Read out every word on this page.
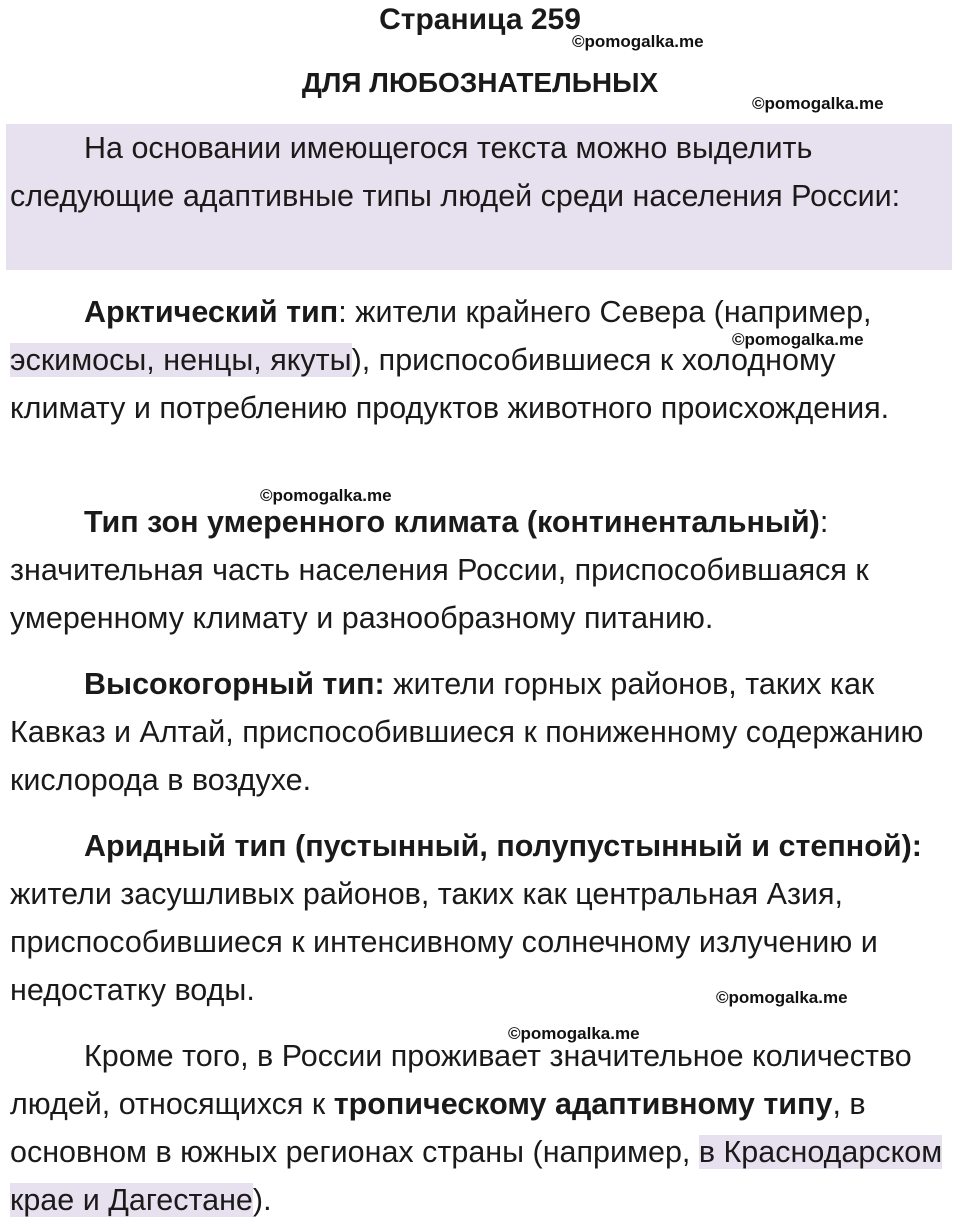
Страница 259
ДЛЯ ЛЮБОЗНАТЕЛЬНЫХ
На основании имеющегося текста можно выделить следующие адаптивные типы людей среди населения России:
Арктический тип: жители крайнего Севера (например, эскимосы, ненцы, якуты), приспособившиеся к холодному климату и потреблению продуктов животного происхождения.
Тип зон умеренного климата (континентальный): значительная часть населения России, приспособившаяся к умеренному климату и разнообразному питанию.
Высокогорный тип: жители горных районов, таких как Кавказ и Алтай, приспособившиеся к пониженному содержанию кислорода в воздухе.
Аридный тип (пустынный, полупустынный и степной): жители засушливых районов, таких как центральная Азия, приспособившиеся к интенсивному солнечному излучению и недостатку воды.
Кроме того, в России проживает значительное количество людей, относящихся к тропическому адаптивному типу, в основном в южных регионах страны (например, в Краснодарском крае и Дагестане).
©pomogalka.me
©pomogalka.me
©pomogalka.me
©pomogalka.me
©pomogalka.me
©pomogalka.me
